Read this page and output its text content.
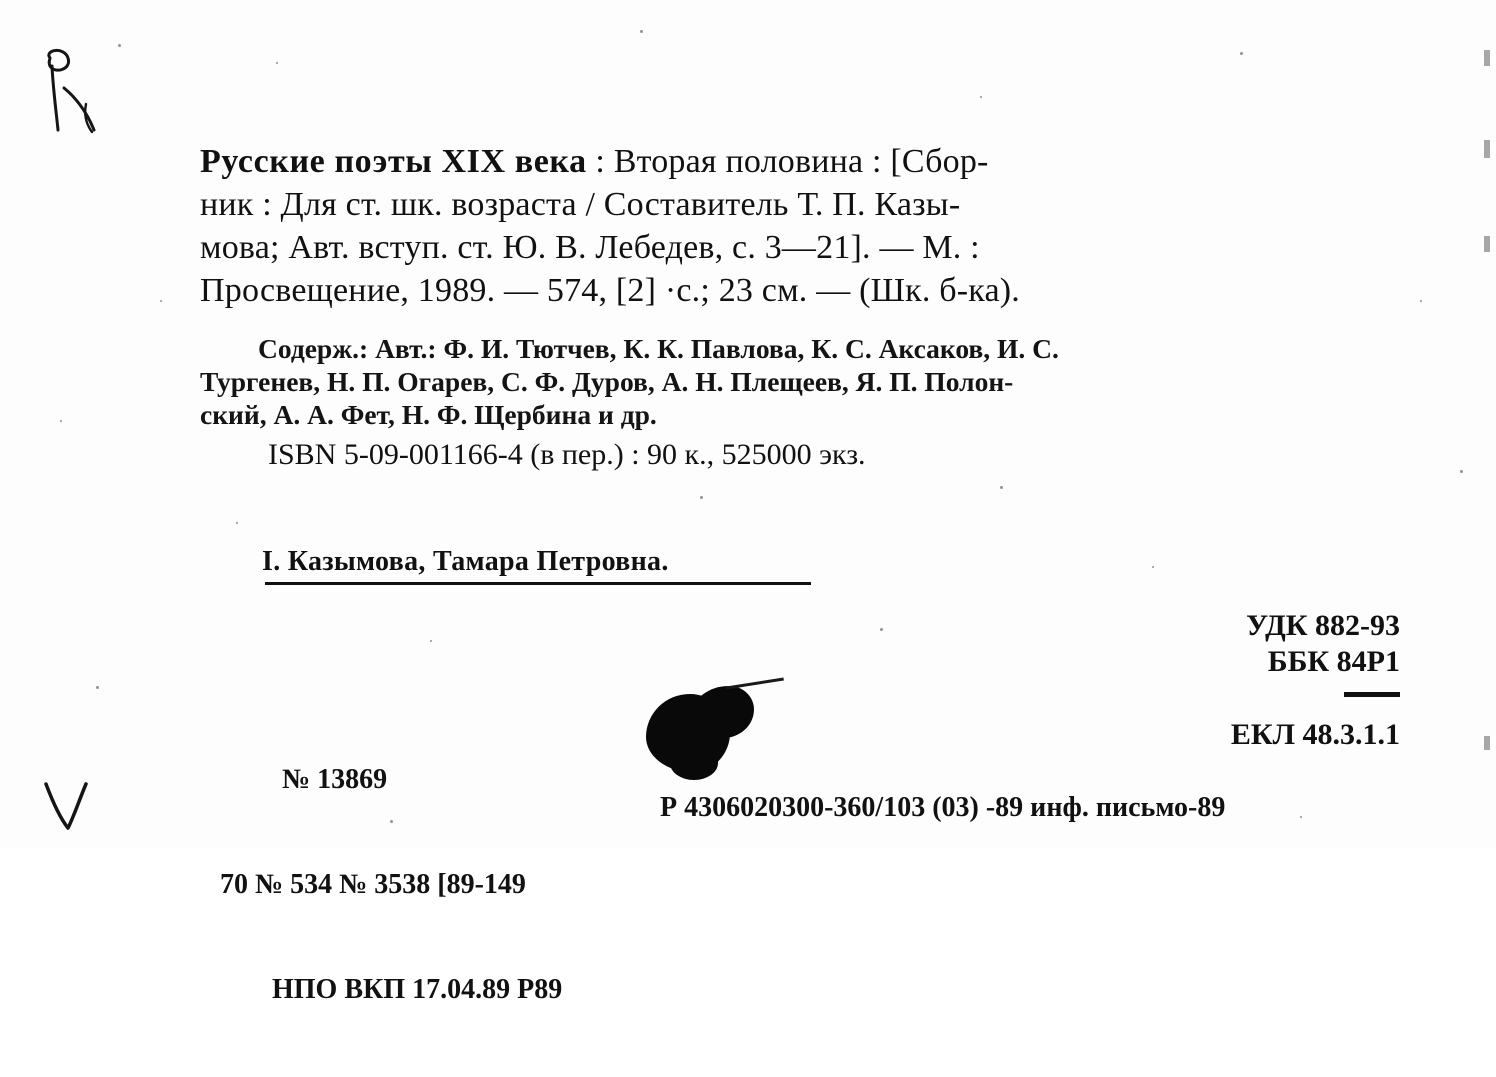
Русские поэты XIX века : Вторая половина : [Сбор-
ник : Для ст. шк. возраста / Составитель Т. П. Казы-
мова; Авт. вступ. ст. Ю. В. Лебедев, с. 3—21]. — М. :
Просвещение, 1989. — 574, [2] ·с.; 23 см. — (Шк. б-ка).
Содерж.: Авт.: Ф. И. Тютчев, К. К. Павлова, К. С. Аксаков, И. С.
Тургенев, Н. П. Огарев, С. Ф. Дуров, А. Н. Плещеев, Я. П. Полон-
ский, А. А. Фет, Н. Ф. Щербина и др.
ISBN 5-09-001166-4 (в пер.) : 90 к., 525000 экз.
I. Казымова, Тамара Петровна.
УДК 882-93
ББК 84Р1
ЕКЛ 48.3.1.1

№ 13869

70 № 534 № 3538 [89-149

НПО ВКП 17.04.89 Р89

Р 4306020300-360/103 (03) -89 инф. письмо-89
